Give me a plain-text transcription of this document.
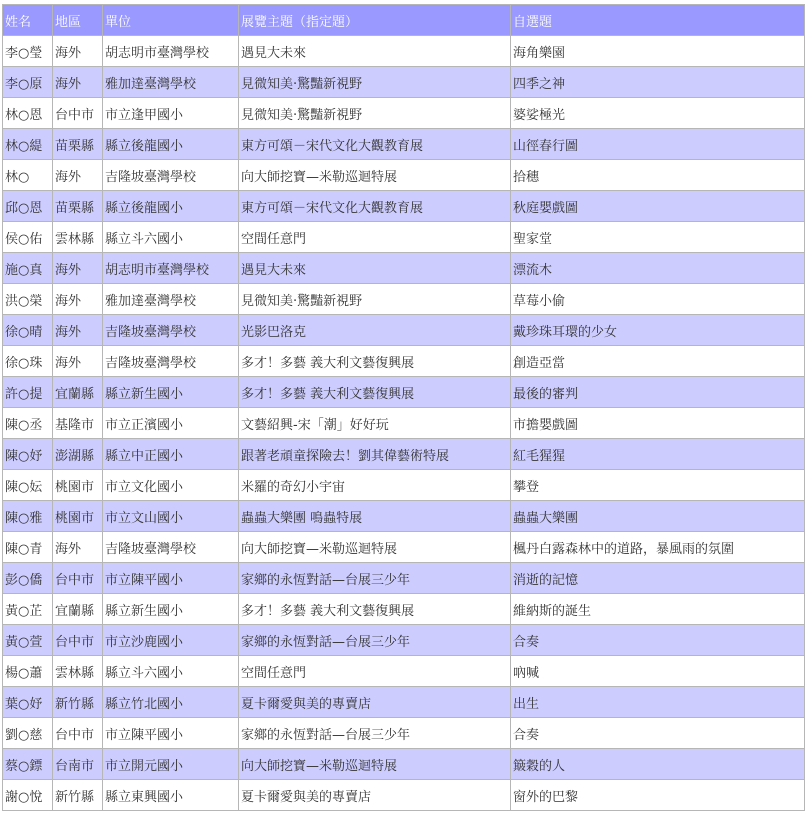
姓名	地區	單位	展覽主題（指定題）	自選題
李○瑩	海外	胡志明市臺灣學校	遇見大未來	海角樂園
李○原	海外	雅加達臺灣學校	見微知美‧驚豔新視野	四季之神
林○恩	台中市	市立逢甲國小	見微知美‧驚豔新視野	婆娑極光
林○緹	苗栗縣	縣立後龍國小	東方可頌－宋代文化大觀教育展	山徑春行圖
林○	海外	吉隆坡臺灣學校	向大師挖寶—米勒巡迴特展	拾穗
邱○恩	苗栗縣	縣立後龍國小	東方可頌－宋代文化大觀教育展	秋庭嬰戲圖
侯○佑	雲林縣	縣立斗六國小	空間任意門	聖家堂
施○真	海外	胡志明市臺灣學校	遇見大未來	漂流木
洪○榮	海外	雅加達臺灣學校	見微知美‧驚豔新視野	草莓小偷
徐○晴	海外	吉隆坡臺灣學校	光影巴洛克	戴珍珠耳環的少女
徐○珠	海外	吉隆坡臺灣學校	多才！多藝 義大利文藝復興展	創造亞當
許○提	宜蘭縣	縣立新生國小	多才！多藝 義大利文藝復興展	最後的審判
陳○丞	基隆市	市立正濱國小	文藝紹興-宋「潮」好好玩	市擔嬰戲圖
陳○妤	澎湖縣	縣立中正國小	跟著老頑童探險去！劉其偉藝術特展	紅毛猩猩
陳○妘	桃園市	市立文化國小	米羅的奇幻小宇宙	攀登
陳○雅	桃園市	市立文山國小	蟲蟲大樂團 鳴蟲特展	蟲蟲大樂團
陳○青	海外	吉隆坡臺灣學校	向大師挖寶—米勒巡迴特展	楓丹白露森林中的道路，暴風雨的氛圍
彭○僑	台中市	市立陳平國小	家鄉的永恆對話—台展三少年	消逝的記憶
黃○芷	宜蘭縣	縣立新生國小	多才！多藝 義大利文藝復興展	維納斯的誕生
黃○萱	台中市	市立沙鹿國小	家鄉的永恆對話—台展三少年	合奏
楊○蕭	雲林縣	縣立斗六國小	空間任意門	吶喊
葉○妤	新竹縣	縣立竹北國小	夏卡爾愛與美的專賣店	出生
劉○慈	台中市	市立陳平國小	家鄉的永恆對話—台展三少年	合奏
蔡○鏢	台南市	市立開元國小	向大師挖寶—米勒巡迴特展	簸穀的人
謝○悅	新竹縣	縣立東興國小	夏卡爾愛與美的專賣店	窗外的巴黎
